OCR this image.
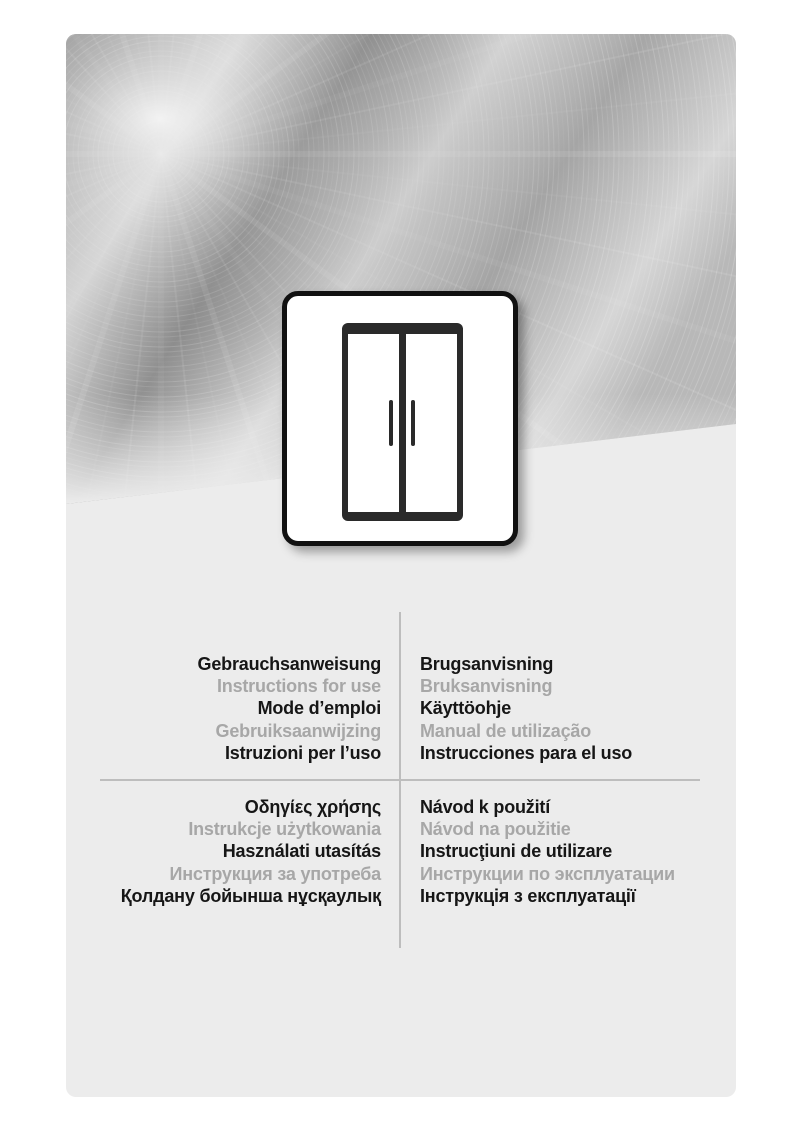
Gebrauchsanweisung
Instructions for use
Mode d’emploi
Gebruiksaanwijzing
Istruzioni per l’uso
Brugsanvisning
Bruksanvisning
Käyttöohje
Manual de utilização
Instrucciones para el uso
Οδηγίες χρήσης
Instrukcje użytkowania
Használati utasítás
Инструкция за употреба
Қолдану бойынша нұсқаулық
Návod k použití
Návod na použitie
Instrucţiuni de utilizare
Инструкции по эксплуатации
Інструкція з експлуатації
